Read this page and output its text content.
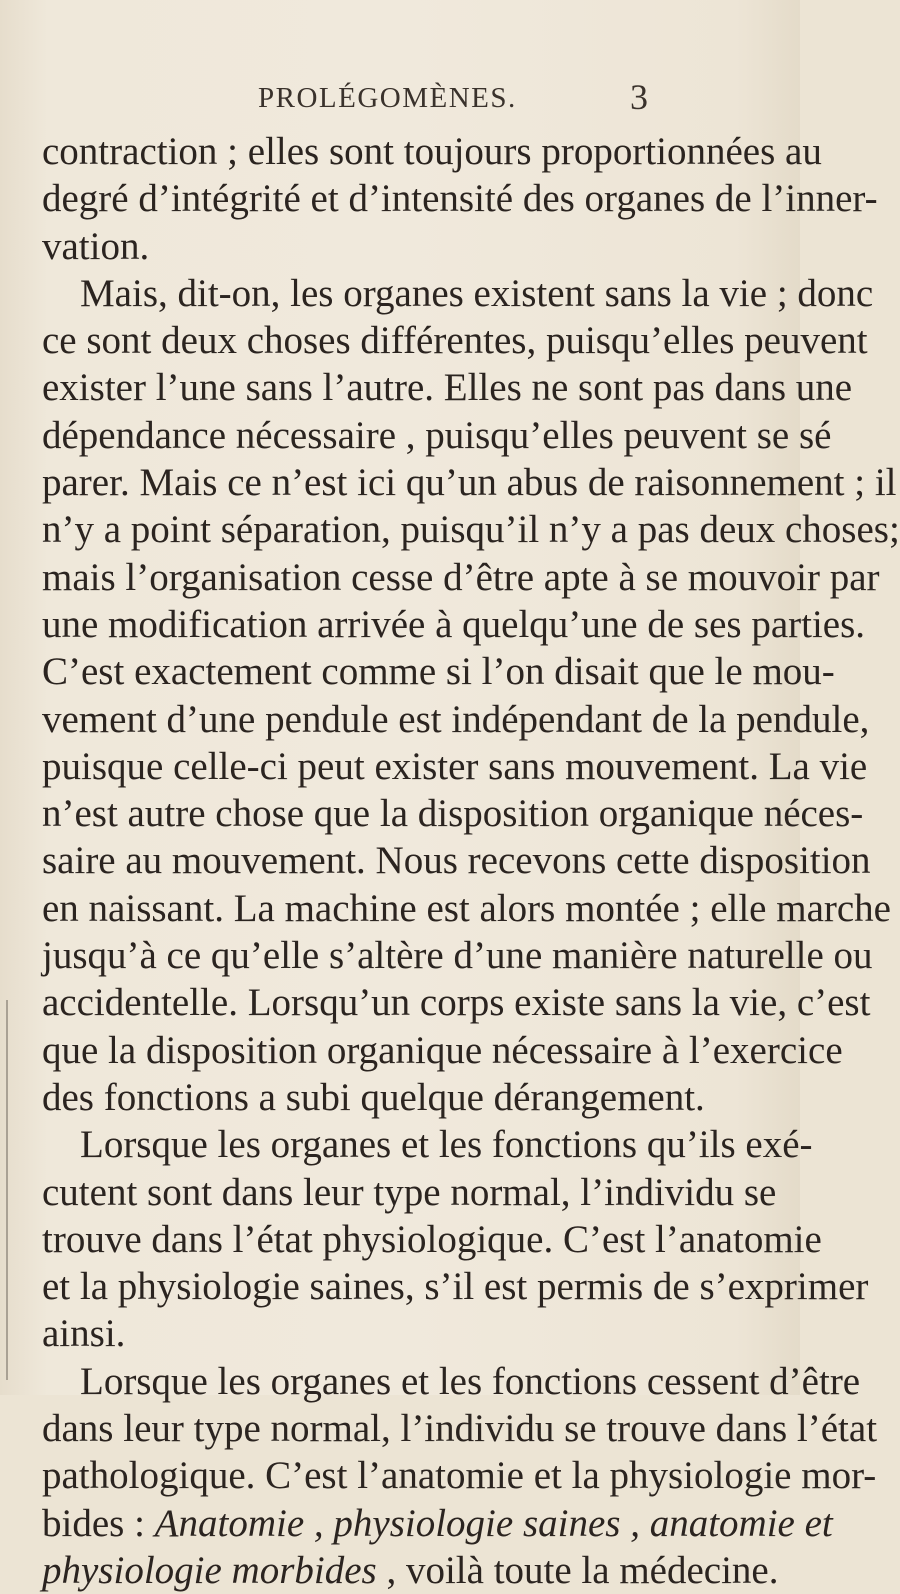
PROLÉGOMÈNES.	3
contraction ; elles sont toujours proportionnées au
degré d’intégrité et d’intensité des organes de l’inner-
vation.
Mais, dit-on, les organes existent sans la vie ; donc
ce sont deux choses différentes, puisqu’elles peuvent
exister l’une sans l’autre. Elles ne sont pas dans une
dépendance nécessaire , puisqu’elles peuvent se sé
parer. Mais ce n’est ici qu’un abus de raisonnement ; il
n’y a point séparation, puisqu’il n’y a pas deux choses;
mais l’organisation cesse d’être apte à se mouvoir par
une modification arrivée à quelqu’une de ses parties.
C’est exactement comme si l’on disait que le mou-
vement d’une pendule est indépendant de la pendule,
puisque celle-ci peut exister sans mouvement. La vie
n’est autre chose que la disposition organique néces-
saire au mouvement. Nous recevons cette disposition
en naissant. La machine est alors montée ; elle marche
jusqu’à ce qu’elle s’altère d’une manière naturelle ou
accidentelle. Lorsqu’un corps existe sans la vie, c’est
que la disposition organique nécessaire à l’exercice
des fonctions a subi quelque dérangement.
Lorsque les organes et les fonctions qu’ils exé-
cutent sont dans leur type normal, l’individu se
trouve dans l’état physiologique. C’est l’anatomie
et la physiologie saines, s’il est permis de s’exprimer
ainsi.
Lorsque les organes et les fonctions cessent d’être
dans leur type normal, l’individu se trouve dans l’état
pathologique. C’est l’anatomie et la physiologie mor-
bides : Anatomie , physiologie saines , anatomie et
physiologie morbides , voilà toute la médecine.
